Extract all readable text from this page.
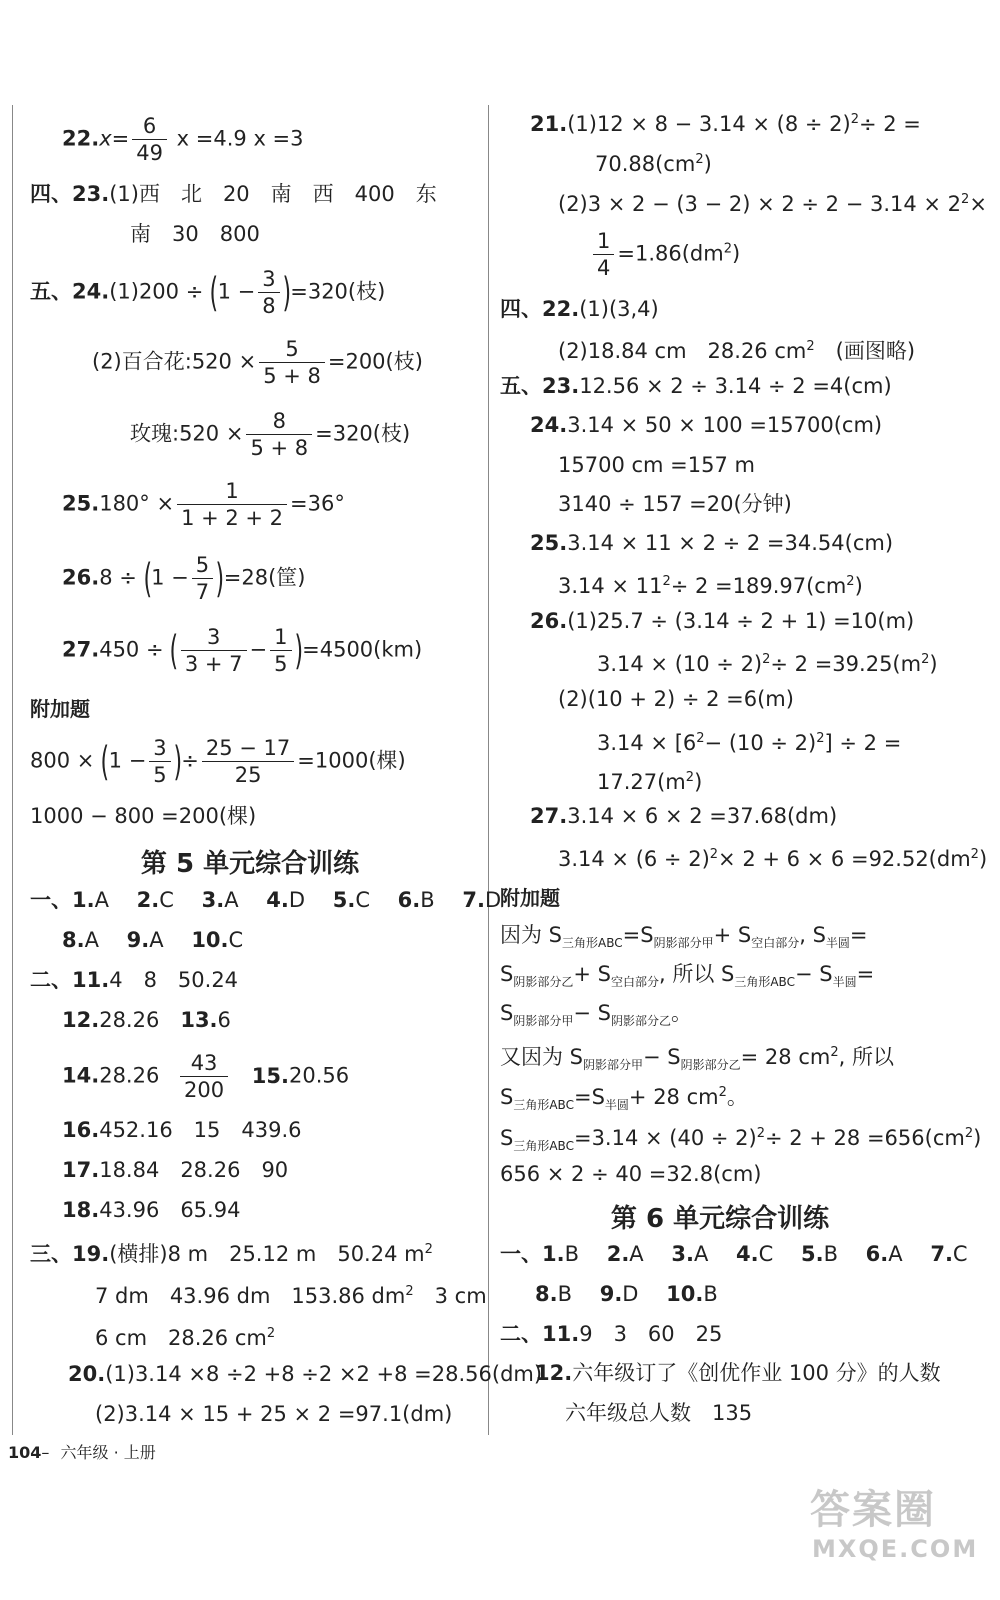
$22.x= \frac{6}{49}$ x =4.9 x =3
四、23.(1)西　北　20　南　西　400　东
南　30　800
五、$24.(1)200 \div (1 - \frac{3}{8} )=320$(枝)
(2)百合花:520 × $\frac{5}{5 + 8} =200$(枝)
玫瑰:520 × $\frac{8}{5 + 8} =320$(枝)
$25.180^\circ \times \frac{1}{1 + 2 + 2} =36^\circ$
$26.8 \div (1 - \frac{5}{7} )=28$(筐)
27.450 ÷ ( $\frac{3}{3 + 7} - \frac{1}{5} )=4500(km)$
附加题
$800 \times (1 - \frac{3}{5}$ )÷ $\frac{25 - 17}{25} =1000$(棵)
1000 − 800 =200(棵)
第 5 单元综合训练
一、1.A　 2.C　 3.A　 4.D　 5.C　 6.B　 7.D
8.A　 9.A　 10.C
二、11.4　8　50.24
12.28.26　13.6
$14.28.26 \frac{43}{200} 15.20.56$
16.452.16　15　439.6
17.18.84　28.26　90
18.43.96　65.94
三、19.(横排)8 m　25.12 m　50.24 $m^2$
7 dm　43.96 dm　153.86 $dm^2$　3 cm
6 cm　28.26 $cm^2$
20.(1)3.14 ×8 ÷2 +8 ÷2 ×2 +8 =28.56(dm)
(2)3.14 × 15 + 25 × 2 =97.1(dm)
$21.(1)12 \times 8 - 3.14 \times (8 \div 2)^2\div 2$ =
$70.88(cm^2)$
$(2)3 \times 2 - (3 - 2) \times 2 \div 2 - 3.14 \times 2^2\times$
$\frac{1}{4} =1.86(dm^2)$
四、22.(1)(3,4)
(2)18.84 cm　28.26 $cm^2$　(画图略)
五、23.12.56 × 2 ÷ 3.14 ÷ 2 =4(cm)
24.3.14 × 50 × 100 =15700(cm)
15700 cm =157 m
3140 ÷ 157 =20(分钟)
25.3.14 × 11 × 2 ÷ 2 =34.54(cm)
$3.14 \times 11^2\div 2 =189.97(cm^2)$
26.(1)25.7 ÷ (3.14 ÷ 2 + 1) =10(m)
$3.14 \times (10 \div 2)^2\div 2 =39.25(m^2)$
(2)(10 + 2) ÷ 2 =6(m)
$3.14 \times [6^2- (10 \div 2)^2] \div 2$ =
$17.27(m^2)$
27.3.14 × 6 × 2 =37.68(dm)
$3.14 \times (6 \div 2)^2\times 2 + 6 \times 6 =92.52(dm^2)$
附加题
因为 $S_{三角形ABC}=S_{阴影部分甲}+ S_{空白部分}$, $S_{半圆}=$
$S_{阴影部分乙}+ S_{空白部分}$, 所以 $S_{三角形ABC}- S_{半圆}=$
$S_{阴影部分甲}- S_{阴影部分乙}$。
又因为 $S_{阴影部分甲}- S_{阴影部分乙}= 28$ $cm^2$, 所以
$S_{三角形ABC}=S_{半圆}+ 28$ $cm^2$。
$S_{三角形ABC}=3.14 \times (40 \div 2)^2\div 2 + 28 =656(cm^2)$
656 × 2 ÷ 40 =32.8(cm)
第 6 单元综合训练
一、1.B　 2.A　 3.A　 4.C　 5.B　 6.A　 7.C
8.B　 9.D　 10.B
二、11.9　3　60　25
12.六年级订了《创优作业 100 分》的人数
六年级总人数　135
104– 六年级 · 上册
答案圈
MXQE.COM
